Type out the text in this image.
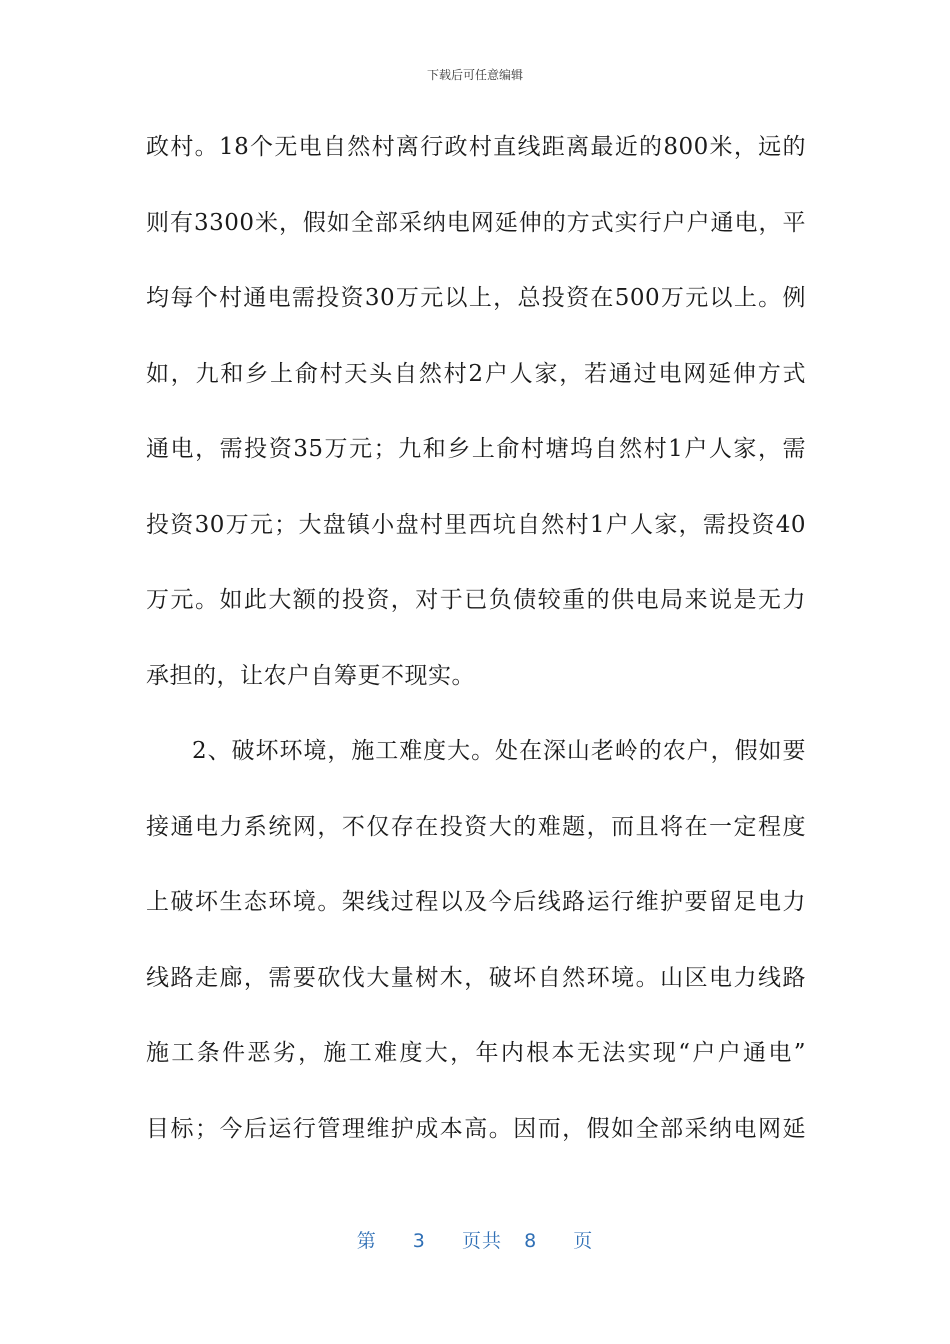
下载后可任意编辑
政村。18个无电自然村离行政村直线距离最近的800米，远的
则有3300米，假如全部采纳电网延伸的方式实行户户通电，平
均每个村通电需投资30万元以上，总投资在500万元以上。例
如，九和乡上俞村天头自然村2户人家，若通过电网延伸方式
通电，需投资35万元；九和乡上俞村塘坞自然村1户人家，需
投资30万元；大盘镇小盘村里西坑自然村1户人家，需投资40
万元。如此大额的投资，对于已负债较重的供电局来说是无力
承担的，让农户自筹更不现实。
2、破坏环境，施工难度大。处在深山老岭的农户，假如要
接通电力系统网，不仅存在投资大的难题，而且将在一定程度
上破坏生态环境。架线过程以及今后线路运行维护要留足电力
线路走廊，需要砍伐大量树木，破坏自然环境。山区电力线路
施工条件恶劣，施工难度大，年内根本无法实现“户户通电”
目标；今后运行管理维护成本高。因而，假如全部采纳电网延
第 3 页共 8 页
